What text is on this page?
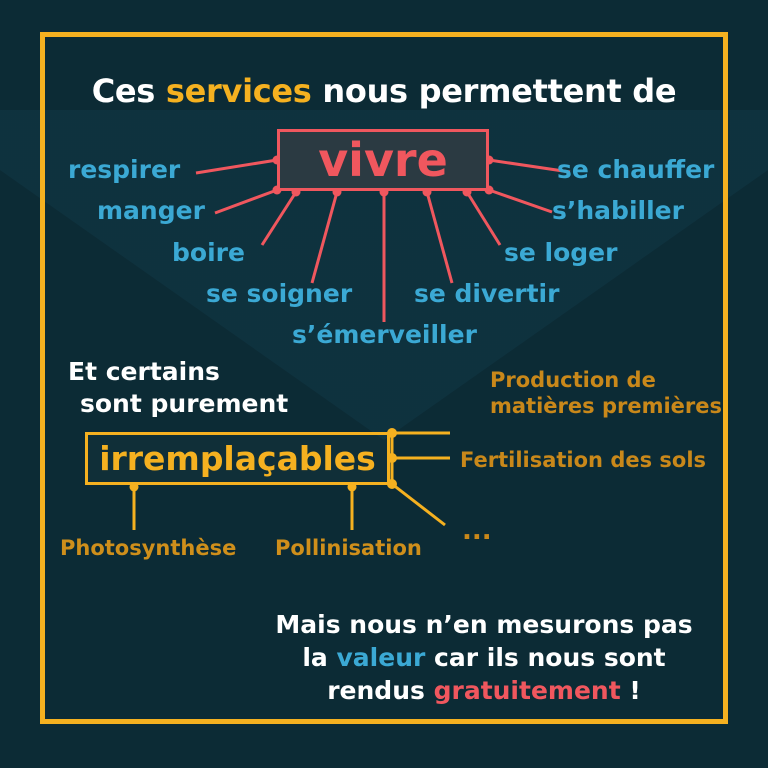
Ces services nous permettent de
vivre
respirer
manger
boire
se soigner
s’émerveiller
se divertir
se loger
s’habiller
se chauffer
Et certains
sont purement
irremplaçables
Photosynthèse Pollinisation
Production de
matières premières
Fertilisation des sols
...
Mais nous n’en mesurons pas
la valeur car ils nous sont
rendus gratuitement !
